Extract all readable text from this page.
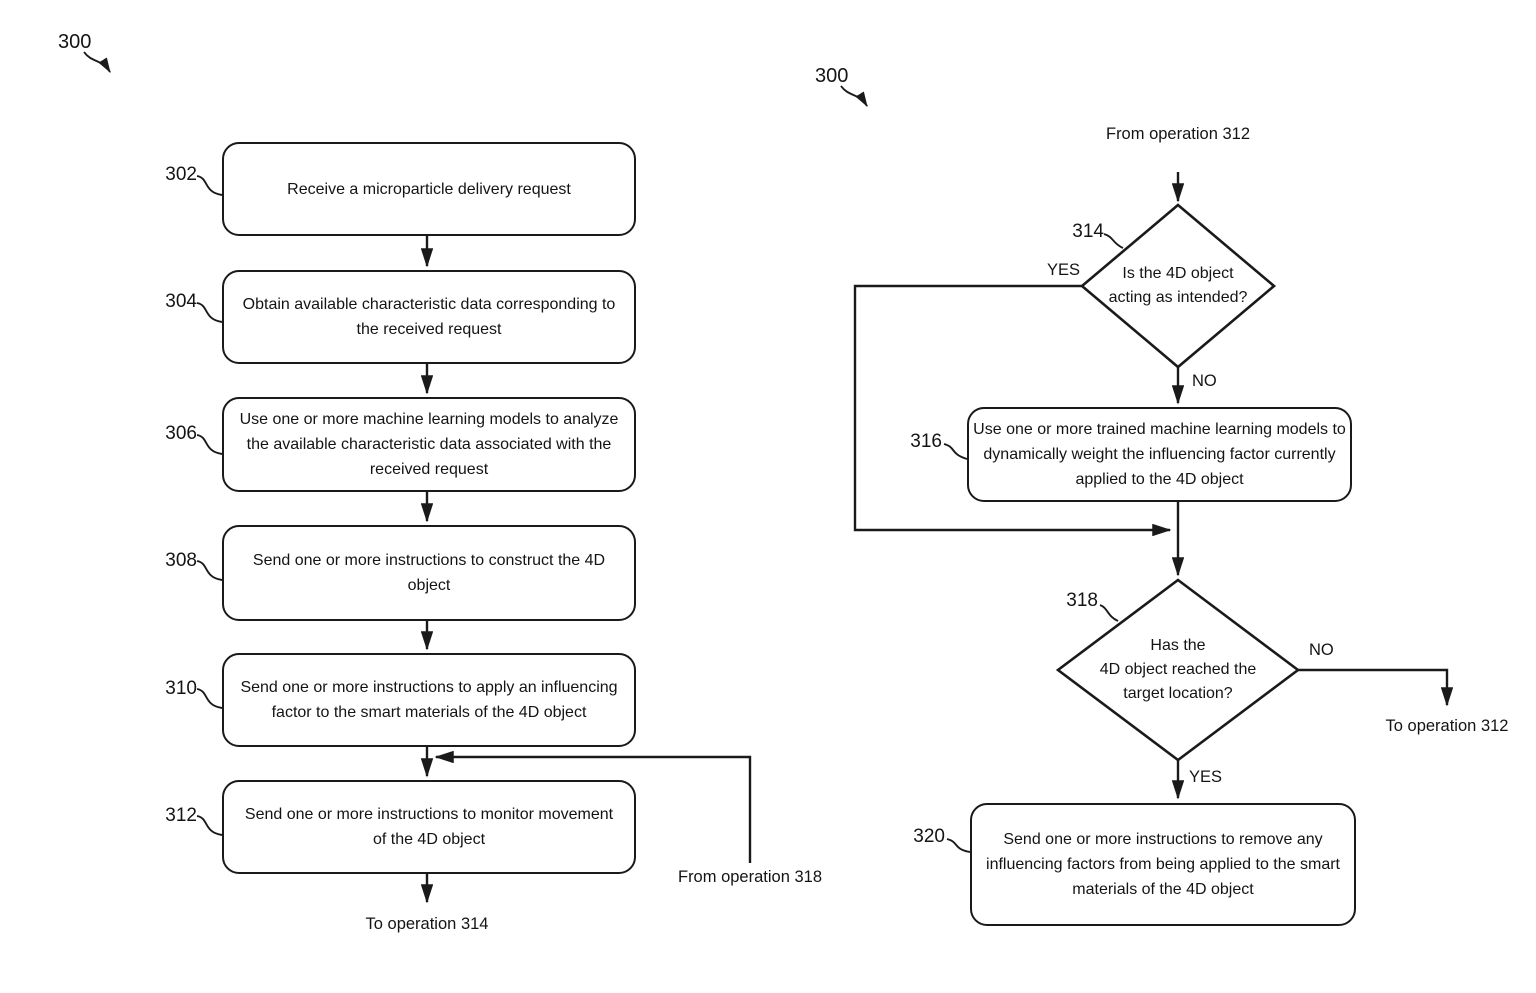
300
300
302
Receive a microparticle delivery request
304	Obtain available characteristic data corresponding to
the received request
306
Use one or more machine learning models to analyze
the available characteristic data associated with the
received request
308	Send one or more instructions to construct the 4D
object
310	Send one or more instructions to apply an influencing
factor to the smart materials of the 4D object
312	Send one or more instructions to monitor movement
of the 4D object
To operation 314
From operation 318
From operation 312
314
Is the 4D object
acting as intended?
YES
NO
316
Use one or more trained machine learning models to
dynamically weight the influencing factor currently
applied to the 4D object
318
Has the
4D object reached the
target location?
NO
YES
To operation 312
320	Send one or more instructions to remove any
influencing factors from being applied to the smart
materials of the 4D object
